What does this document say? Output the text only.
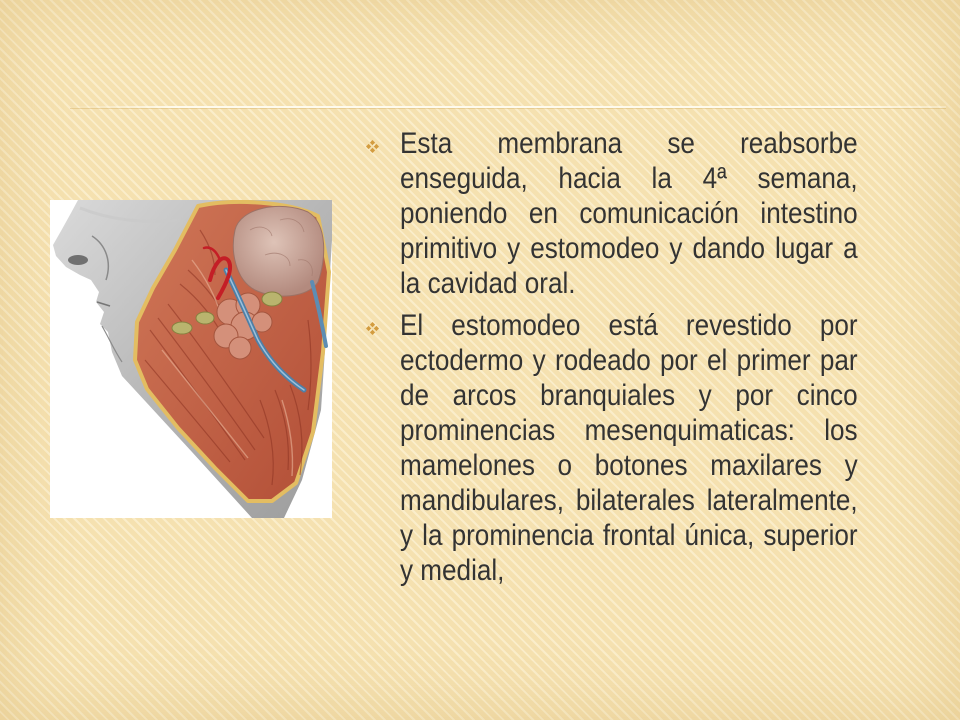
Esta membrana se reabsorbe enseguida, hacia la 4ª semana, poniendo en comunicación intestino primitivo y estomodeo y dando lugar a la cavidad oral.

El estomodeo está revestido por ectodermo y rodeado por el primer par de arcos branquiales y por cinco prominencias mesenquimaticas: los mamelones o botones maxilares y mandibulares, bilaterales lateralmente, y la prominencia frontal única, superior y medial,
